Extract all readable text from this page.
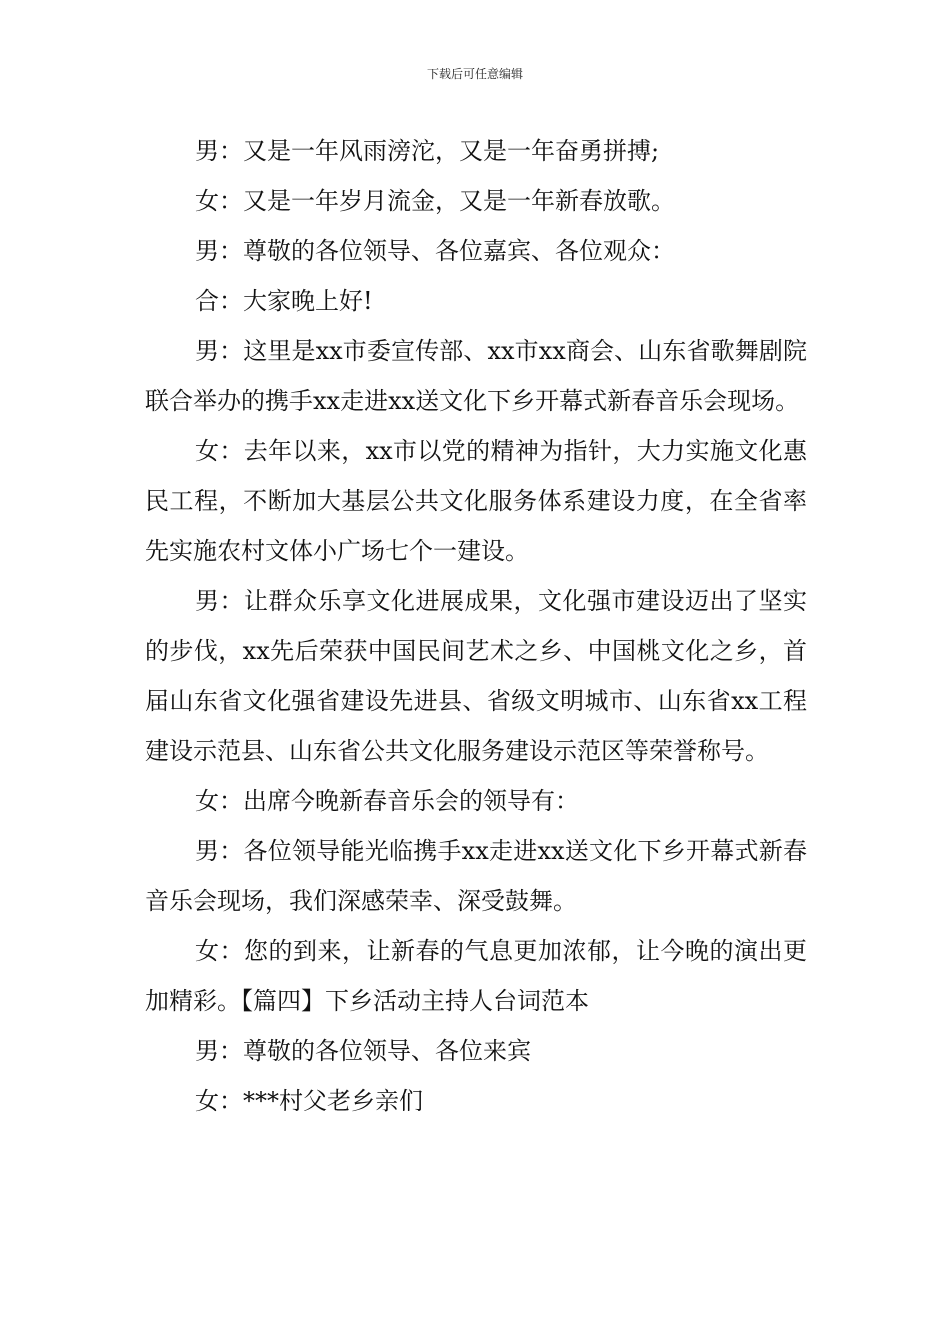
下载后可任意编辑

男：又是一年风雨滂沱，又是一年奋勇拼搏;

女：又是一年岁月流金，又是一年新春放歌。

男：尊敬的各位领导、各位嘉宾、各位观众：

合：大家晚上好!

男：这里是xx市委宣传部、xx市xx商会、山东省歌舞剧院联合举办的携手xx走进xx送文化下乡开幕式新春音乐会现场。

女：去年以来，xx市以党的精神为指针，大力实施文化惠民工程，不断加大基层公共文化服务体系建设力度，在全省率先实施农村文体小广场七个一建设。

男：让群众乐享文化进展成果，文化强市建设迈出了坚实的步伐，xx先后荣获中国民间艺术之乡、中国桃文化之乡，首届山东省文化强省建设先进县、省级文明城市、山东省xx工程建设示范县、山东省公共文化服务建设示范区等荣誉称号。

女：出席今晚新春音乐会的领导有：

男：各位领导能光临携手xx走进xx送文化下乡开幕式新春音乐会现场，我们深感荣幸、深受鼓舞。

女：您的到来，让新春的气息更加浓郁，让今晚的演出更加精彩。【篇四】下乡活动主持人台词范本

男：尊敬的各位领导、各位来宾

女：***村父老乡亲们
